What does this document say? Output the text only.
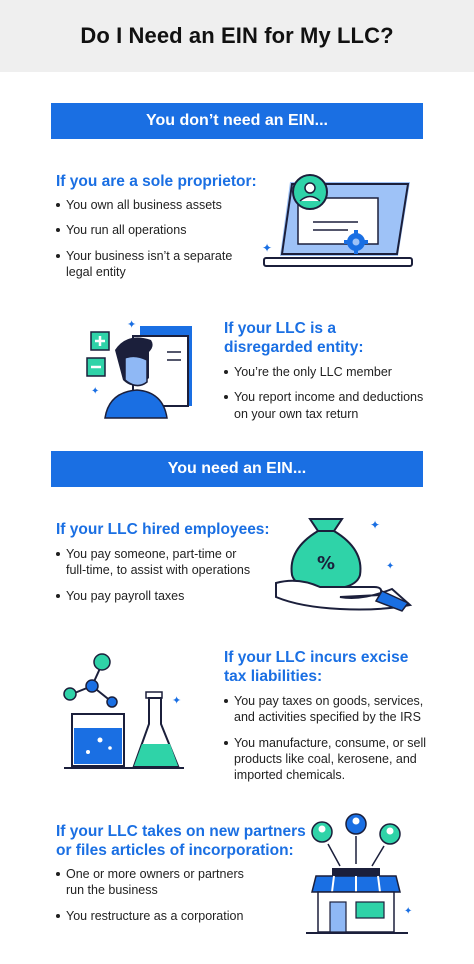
Do I Need an EIN for My LLC?
You don’t need an EIN...
If you are a sole proprietor:
You own all business assets
You run all operations
Your business isn’t a separate legal entity
✦
✦
✦
If your LLC is a
disregarded entity:
You’re the only LLC member
You report income and deductions on your own tax return
You need an EIN...
If your LLC hired employees:
You pay someone, part-time or full-time, to assist with operations
You pay payroll taxes
%
✦
✦
✦
If your LLC incurs excise
tax liabilities:
You pay taxes on goods, services, and activities specified by the IRS
You manufacture, consume, or sell products like coal, kerosene, and imported chemicals.
If your LLC takes on new partners
or files articles of incorporation:
One or more owners or partners run the business
You restructure as a corporation	✦
